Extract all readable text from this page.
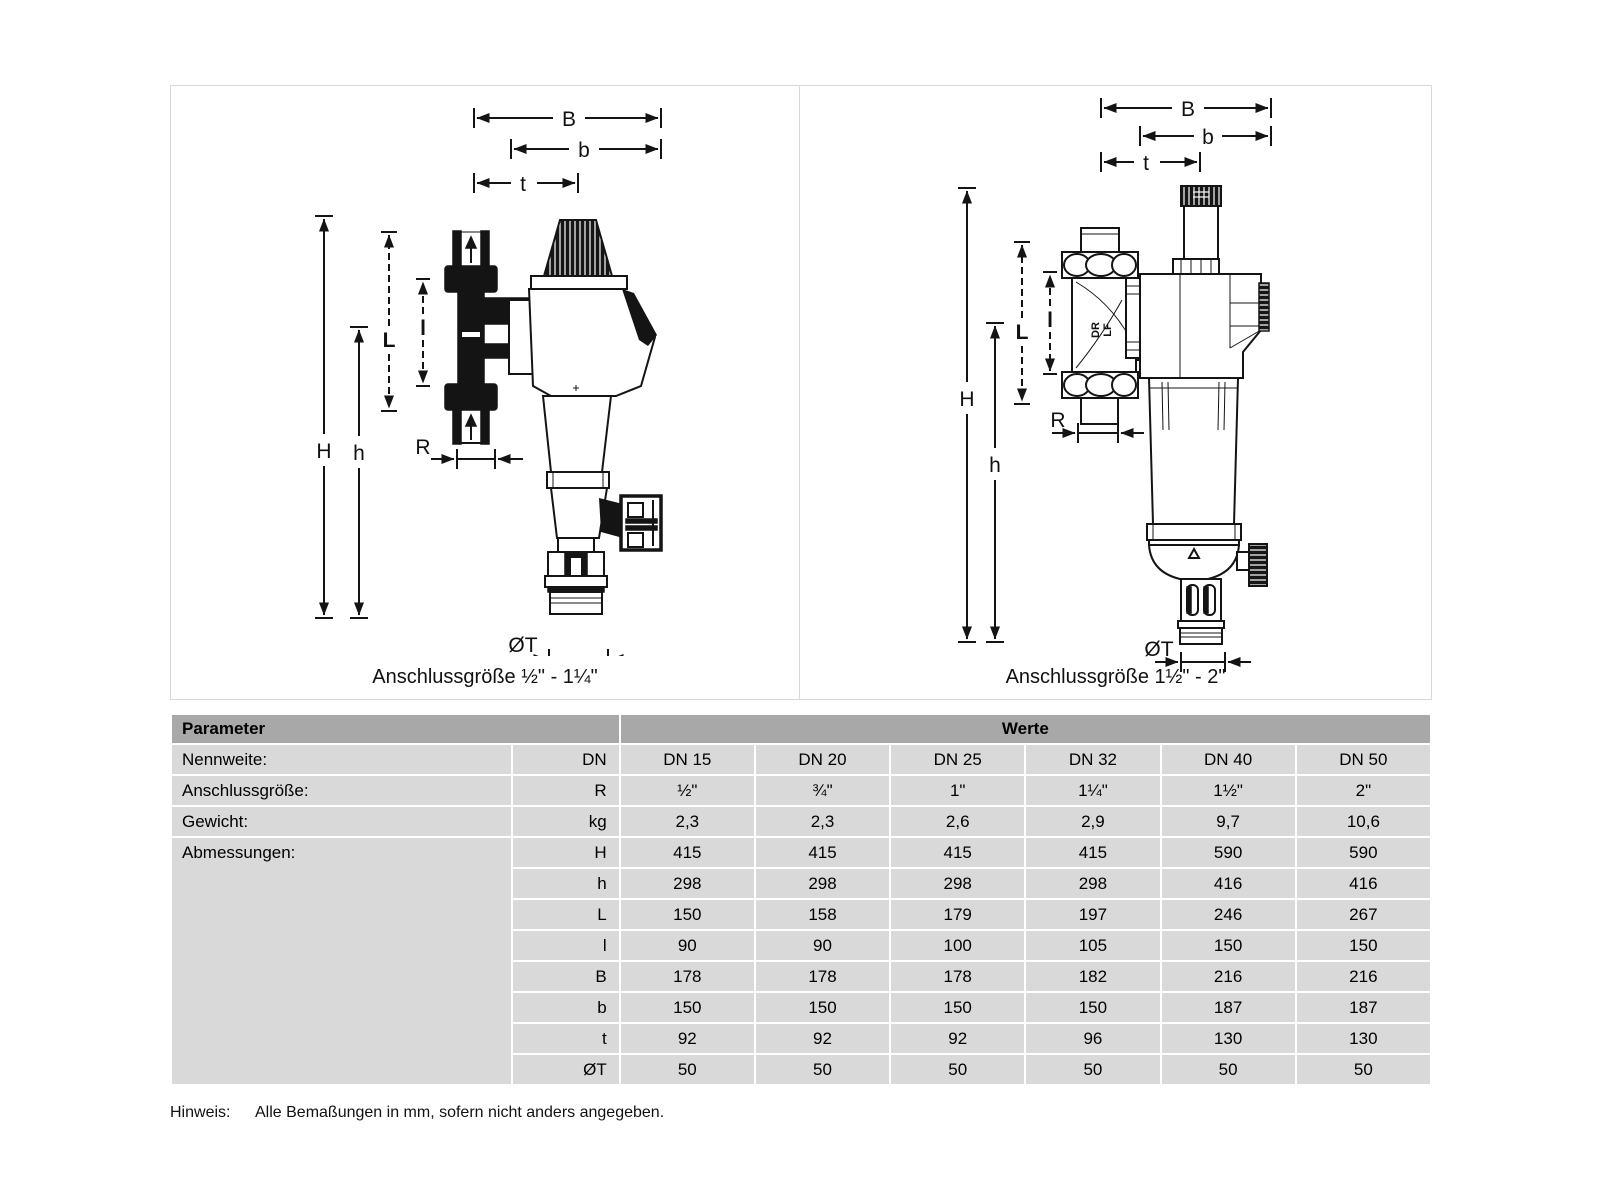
B
b
t
H h
L
l
R
ØT
Anschlussgröße ½" - 1¼"
B
b
t
H
L
l
h
R
ØT
DR LF
Anschlussgröße 1½" - 2"
Parameter		Werte					
Nennweite:	DN	DN 15	DN 20	DN 25	DN 32	DN 40	DN 50
Anschlussgröße:	R	½"	¾"	1"	1¼"	1½"	2"
Gewicht:	kg	2,3	2,3	2,6	2,9	9,7	10,6
Abmessungen:	H	415	415	415	415	590	590
	h	298	298	298	298	416	416
	L	150	158	179	197	246	267
	l	90	90	100	105	150	150
	B	178	178	178	182	216	216
	b	150	150	150	150	187	187
	t	92	92	92	96	130	130
	ØT	50	50	50	50	50	50
Hinweis: Alle Bemaßungen in mm, sofern nicht anders angegeben.
